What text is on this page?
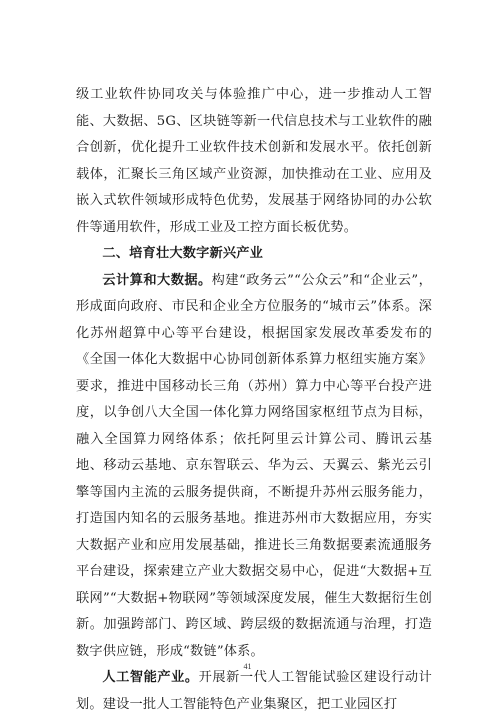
级工业软件协同攻关与体验推广中心，进一步推动人工智能、大数据、5G、区块链等新一代信息技术与工业软件的融合创新，优化提升工业软件技术创新和发展水平。依托创新载体，汇聚长三角区域产业资源，加快推动在工业、应用及嵌入式软件领域形成特色优势，发展基于网络协同的办公软件等通用软件，形成工业及工控方面长板优势。

二、培育壮大数字新兴产业

云计算和大数据。构建“政务云”“公众云”和“企业云”，形成面向政府、市民和企业全方位服务的“城市云”体系。深化苏州超算中心等平台建设，根据国家发展改革委发布的《全国一体化大数据中心协同创新体系算力枢纽实施方案》要求，推进中国移动长三角（苏州）算力中心等平台投产进度，以争创八大全国一体化算力网络国家枢纽节点为目标，融入全国算力网络体系；依托阿里云计算公司、腾讯云基地、移动云基地、京东智联云、华为云、天翼云、紫光云引擎等国内主流的云服务提供商，不断提升苏州云服务能力，打造国内知名的云服务基地。推进苏州市大数据应用，夯实大数据产业和应用发展基础，推进长三角数据要素流通服务平台建设，探索建立产业大数据交易中心，促进“大数据+互联网”“大数据+物联网”等领域深度发展，催生大数据衍生创新。加强跨部门、跨区域、跨层级的数据流通与治理，打造数字供应链，形成“数链”体系。

人工智能产业。开展新一代人工智能试验区建设行动计划。建设一批人工智能特色产业集聚区，把工业园区打

41
